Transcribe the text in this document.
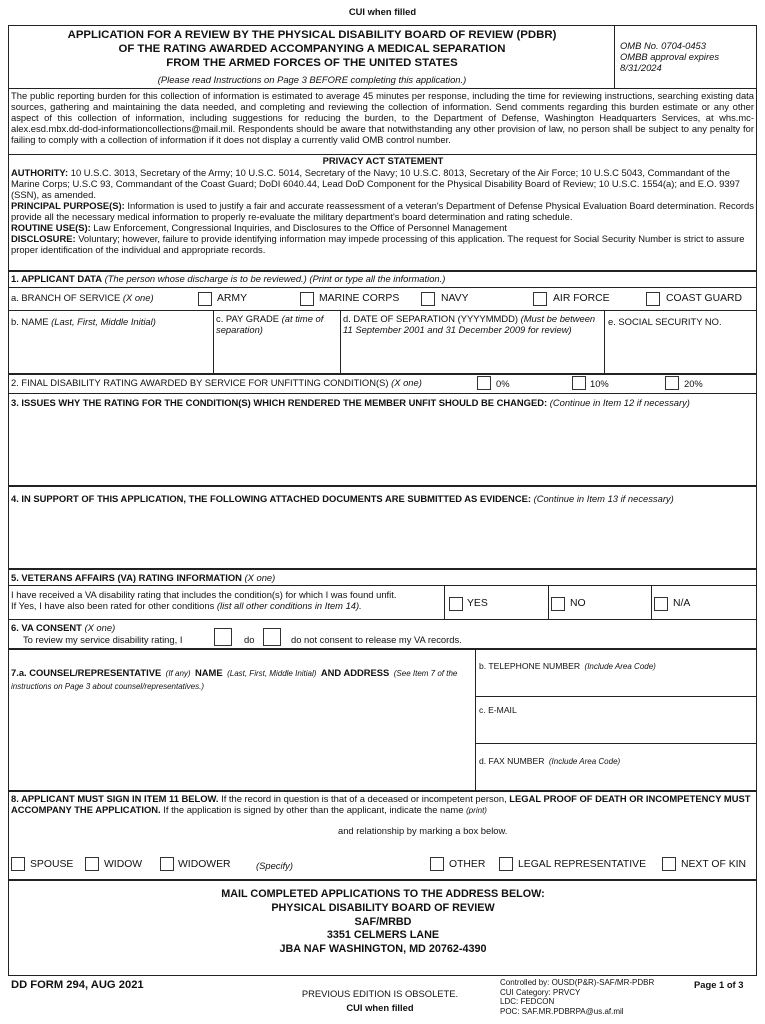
CUI when filled
APPLICATION FOR A REVIEW BY THE PHYSICAL DISABILITY BOARD OF REVIEW (PDBR)
OF THE RATING AWARDED ACCOMPANYING A MEDICAL SEPARATION
FROM THE ARMED FORCES OF THE UNITED STATES
(Please read Instructions on Page 3 BEFORE completing this application.)
OMB No. 0704-0453
OMBB approval expires
8/31/2024
The public reporting burden for this collection of information is estimated to average 45 minutes per response, including the time for reviewing instructions, searching existing data sources, gathering and maintaining the data needed, and completing and reviewing the collection of information. Send comments regarding this burden estimate or any other aspect of this collection of information, including suggestions for reducing the burden, to the Department of Defense, Washington Headquarters Services, at whs.mc-alex.esd.mbx.dd-dod-informationcollections@mail.mil. Respondents should be aware that notwithstanding any other provision of law, no person shall be subject to any penalty for failing to comply with a collection of information if it does not display a currently valid OMB control number.
PRIVACY ACT STATEMENT
AUTHORITY: 10 U.S.C. 3013, Secretary of the Army; 10 U.S.C. 5014, Secretary of the Navy; 10 U.S.C. 8013, Secretary of the Air Force; 10 U.S.C 5043, Commandant of the Marine Corps; U.S.C 93, Commandant of the Coast Guard; DoDI 6040.44, Lead DoD Component for the Physical Disability Board of Review; 10 U.S.C. 1554(a); and E.O. 9397 (SSN), as amended.
PRINCIPAL PURPOSE(S): Information is used to justify a fair and accurate reassessment of a veteran's Department of Defense Physical Evaluation Board determination. Records provide all the necessary medical information to properly re-evaluate the military department's board determination and rating schedule.
ROUTINE USE(S): Law Enforcement, Congressional Inquiries, and Disclosures to the Office of Personnel Management
DISCLOSURE: Voluntary; however, failure to provide identifying information may impede processing of this application. The request for Social Security Number is strict to assure proper identification of the individual and appropriate records.
1. APPLICANT DATA (The person whose discharge is to be reviewed.) (Print or type all the information.)
a. BRANCH OF SERVICE (X one)	ARMY	MARINE CORPS	NAVY	AIR FORCE	COAST GUARD
b. NAME (Last, First, Middle Initial)	c. PAY GRADE (at time of separation)
d. DATE OF SEPARATION (YYYYMMDD) (Must be between 11 September 2001 and 31 December 2009 for review)
e. SOCIAL SECURITY NO.
2. FINAL DISABILITY RATING AWARDED BY SERVICE FOR UNFITTING CONDITION(S) (X one)	0%	10%	20%
3. ISSUES WHY THE RATING FOR THE CONDITION(S) WHICH RENDERED THE MEMBER UNFIT SHOULD BE CHANGED: (Continue in Item 12 if necessary)
4. IN SUPPORT OF THIS APPLICATION, THE FOLLOWING ATTACHED DOCUMENTS ARE SUBMITTED AS EVIDENCE: (Continue in Item 13 if necessary)
5. VETERANS AFFAIRS (VA) RATING INFORMATION (X one)
I have received a VA disability rating that includes the condition(s) for which I was found unfit.
If Yes, I have also been rated for other conditions (list all other conditions in Item 14).	YES	NO	N/A
6. VA CONSENT (X one)
To review my service disability rating, I	do	do not consent to release my VA records.
7.a. COUNSEL/REPRESENTATIVE (If any) NAME (Last, First, Middle Initial) AND ADDRESS (See Item 7 of the instructions on Page 3 about counsel/representatives.)
b. TELEPHONE NUMBER (Include Area Code)
c. E-MAIL
d. FAX NUMBER (Include Area Code)
8. APPLICANT MUST SIGN IN ITEM 11 BELOW. If the record in question is that of a deceased or incompetent person, LEGAL PROOF OF DEATH OR INCOMPETENCY MUST ACCOMPANY THE APPLICATION. If the application is signed by other than the applicant, indicate the name (print)
and relationship by marking a box below.
SPOUSE	WIDOW	WIDOWER	(Specify)	OTHER	LEGAL REPRESENTATIVE	NEXT OF KIN
MAIL COMPLETED APPLICATIONS TO THE ADDRESS BELOW:
PHYSICAL DISABILITY BOARD OF REVIEW
SAF/MRBD
3351 CELMERS LANE
JBA NAF WASHINGTON, MD 20762-4390
DD FORM 294, AUG 2021
PREVIOUS EDITION IS OBSOLETE.
CUI when filled
Controlled by: OUSD(P&R)-SAF/MR-PDBR
CUI Category: PRVCY
LDC: FEDCON
POC: SAF.MR.PDBRPA@us.af.mil
Page 1 of 3
